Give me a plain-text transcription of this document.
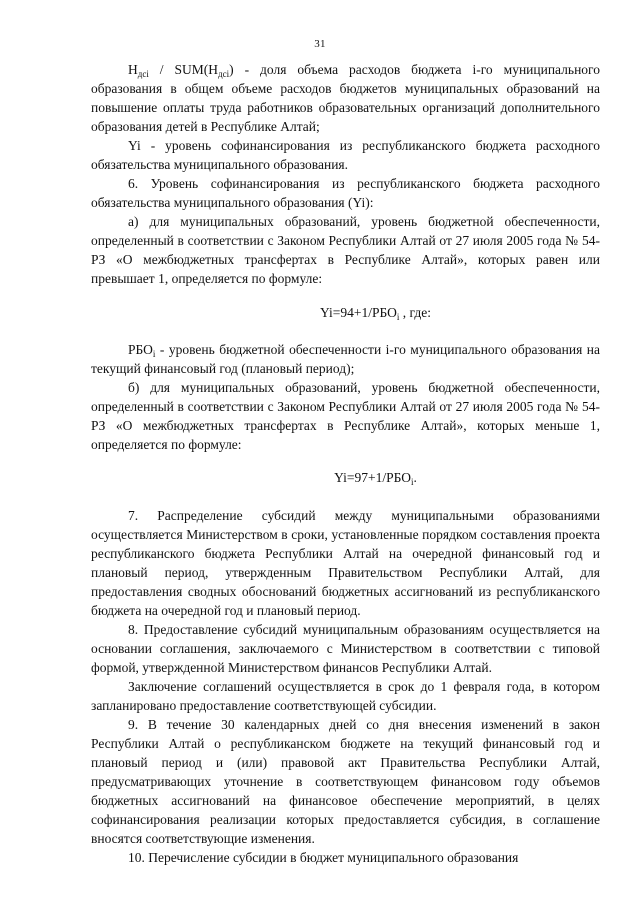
31

$Н_{дсi} / SUM(Н_{дсi})$ - доля объема расходов бюджета i-го муниципального образования в общем объеме расходов бюджетов муниципальных образований на повышение оплаты труда работников образовательных организаций дополнительного образования детей в Республике Алтай;

Yi - уровень софинансирования из республиканского бюджета расходного обязательства муниципального образования.

6. Уровень софинансирования из республиканского бюджета расходного обязательства муниципального образования (Yi):

а) для муниципальных образований, уровень бюджетной обеспеченности, определенный в соответствии с Законом Республики Алтай от 27 июля 2005 года № 54-РЗ «О межбюджетных трансфертах в Республике Алтай», которых равен или превышает 1, определяется по формуле:

$Yi=94+1/РБО_i$ , где:

$РБО_i$ - уровень бюджетной обеспеченности i-го муниципального образования на текущий финансовый год (плановый период);

б) для муниципальных образований, уровень бюджетной обеспеченности, определенный в соответствии с Законом Республики Алтай от 27 июля 2005 года № 54-РЗ «О межбюджетных трансфертах в Республике Алтай», которых меньше 1, определяется по формуле:

$Yi=97+1/РБО_i$.

7. Распределение субсидий между муниципальными образованиями осуществляется Министерством в сроки, установленные порядком составления проекта республиканского бюджета Республики Алтай на очередной финансовый год и плановый период, утвержденным Правительством Республики Алтай, для предоставления сводных обоснований бюджетных ассигнований из республиканского бюджета на очередной год и плановый период.

8. Предоставление субсидий муниципальным образованиям осуществляется на основании соглашения, заключаемого с Министерством в соответствии с типовой формой, утвержденной Министерством финансов Республики Алтай.

Заключение соглашений осуществляется в срок до 1 февраля года, в котором запланировано предоставление соответствующей субсидии.

9. В течение 30 календарных дней со дня внесения изменений в закон Республики Алтай о республиканском бюджете на текущий финансовый год и плановый период и (или) правовой акт Правительства Республики Алтай, предусматривающих уточнение в соответствующем финансовом году объемов бюджетных ассигнований на финансовое обеспечение мероприятий, в целях софинансирования реализации которых предоставляется субсидия, в соглашение вносятся соответствующие изменения.

10. Перечисление субсидии в бюджет муниципального образования
